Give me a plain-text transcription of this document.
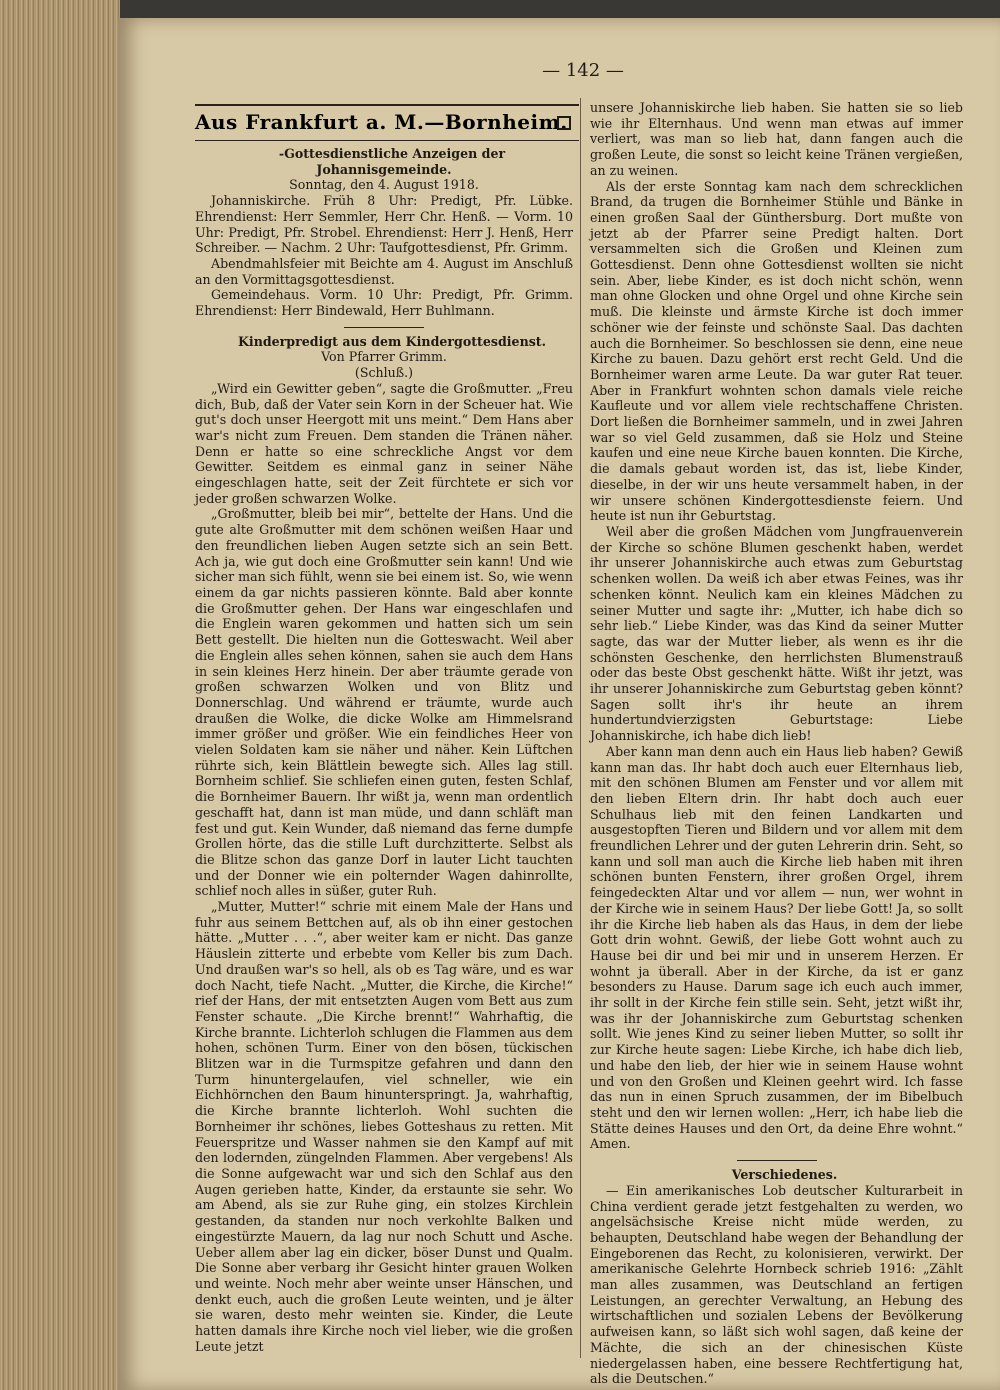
— 142 —
Aus Frankfurt a. M.—Bornheim.

-Gottesdienstliche Anzeigen der Johannisgemeinde.

Sonntag, den 4. August 1918.

Johanniskirche. Früh 8 Uhr: Predigt, Pfr. Lübke. Ehrendienst: Herr Semmler, Herr Chr. Henß. — Vorm. 10 Uhr: Predigt, Pfr. Strobel. Ehrendienst: Herr J. Henß, Herr Schreiber. — Nachm. 2 Uhr: Taufgottesdienst, Pfr. Grimm.

Abendmahlsfeier mit Beichte am 4. August im Anschluß an den Vormittagsgottesdienst.

Gemeindehaus. Vorm. 10 Uhr: Predigt, Pfr. Grimm. Ehrendienst: Herr Bindewald, Herr Buhlmann.

Kinderpredigt aus dem Kindergottesdienst.

Von Pfarrer Grimm.

(Schluß.)

„Wird ein Gewitter geben“, sagte die Großmutter. „Freu dich, Bub, daß der Vater sein Korn in der Scheuer hat. Wie gut's doch unser Heergott mit uns meint.“ Dem Hans aber war's nicht zum Freuen. Dem standen die Tränen näher. Denn er hatte so eine schreckliche Angst vor dem Gewitter. Seitdem es einmal ganz in seiner Nähe eingeschlagen hatte, seit der Zeit fürchtete er sich vor jeder großen schwarzen Wolke.

„Großmutter, bleib bei mir“, bettelte der Hans. Und die gute alte Großmutter mit dem schönen weißen Haar und den freundlichen lieben Augen setzte sich an sein Bett. Ach ja, wie gut doch eine Großmutter sein kann! Und wie sicher man sich fühlt, wenn sie bei einem ist. So, wie wenn einem da gar nichts passieren könnte. Bald aber konnte die Großmutter gehen. Der Hans war eingeschlafen und die Englein waren gekommen und hatten sich um sein Bett gestellt. Die hielten nun die Gotteswacht. Weil aber die Englein alles sehen können, sahen sie auch dem Hans in sein kleines Herz hinein. Der aber träumte gerade von großen schwarzen Wolken und von Blitz und Donnerschlag. Und während er träumte, wurde auch draußen die Wolke, die dicke Wolke am Himmelsrand immer größer und größer. Wie ein feindliches Heer von vielen Soldaten kam sie näher und näher. Kein Lüftchen rührte sich, kein Blättlein bewegte sich. Alles lag still. Bornheim schlief. Sie schliefen einen guten, festen Schlaf, die Bornheimer Bauern. Ihr wißt ja, wenn man ordentlich geschafft hat, dann ist man müde, und dann schläft man fest und gut. Kein Wunder, daß niemand das ferne dumpfe Grollen hörte, das die stille Luft durchzitterte. Selbst als die Blitze schon das ganze Dorf in lauter Licht tauchten und der Donner wie ein polternder Wagen dahinrollte, schlief noch alles in süßer, guter Ruh.

„Mutter, Mutter!“ schrie mit einem Male der Hans und fuhr aus seinem Bettchen auf, als ob ihn einer gestochen hätte. „Mutter . . .“, aber weiter kam er nicht. Das ganze Häuslein zitterte und erbebte vom Keller bis zum Dach. Und draußen war's so hell, als ob es Tag wäre, und es war doch Nacht, tiefe Nacht. „Mutter, die Kirche, die Kirche!“ rief der Hans, der mit entsetzten Augen vom Bett aus zum Fenster schaute. „Die Kirche brennt!“ Wahrhaftig, die Kirche brannte. Lichterloh schlugen die Flammen aus dem hohen, schönen Turm. Einer von den bösen, tückischen Blitzen war in die Turmspitze gefahren und dann den Turm hinuntergelaufen, viel schneller, wie ein Eichhörnchen den Baum hinunterspringt. Ja, wahrhaftig, die Kirche brannte lichterloh. Wohl suchten die Bornheimer ihr schönes, liebes Gotteshaus zu retten. Mit Feuerspritze und Wasser nahmen sie den Kampf auf mit den lodernden, züngelnden Flammen. Aber vergebens! Als die Sonne aufgewacht war und sich den Schlaf aus den Augen gerieben hatte, Kinder, da erstaunte sie sehr. Wo am Abend, als sie zur Ruhe ging, ein stolzes Kirchlein gestanden, da standen nur noch verkohlte Balken und eingestürzte Mauern, da lag nur noch Schutt und Asche. Ueber allem aber lag ein dicker, böser Dunst und Qualm. Die Sonne aber verbarg ihr Gesicht hinter grauen Wolken und weinte. Noch mehr aber weinte unser Hänschen, und denkt euch, auch die großen Leute weinten, und je älter sie waren, desto mehr weinten sie. Kinder, die Leute hatten damals ihre Kirche noch viel lieber, wie die großen Leute jetzt

unsere Johanniskirche lieb haben. Sie hatten sie so lieb wie ihr Elternhaus. Und wenn man etwas auf immer verliert, was man so lieb hat, dann fangen auch die großen Leute, die sonst so leicht keine Tränen vergießen, an zu weinen.

Als der erste Sonntag kam nach dem schrecklichen Brand, da trugen die Bornheimer Stühle und Bänke in einen großen Saal der Günthersburg. Dort mußte von jetzt ab der Pfarrer seine Predigt halten. Dort versammelten sich die Großen und Kleinen zum Gottesdienst. Denn ohne Gottesdienst wollten sie nicht sein. Aber, liebe Kinder, es ist doch nicht schön, wenn man ohne Glocken und ohne Orgel und ohne Kirche sein muß. Die kleinste und ärmste Kirche ist doch immer schöner wie der feinste und schönste Saal. Das dachten auch die Bornheimer. So beschlossen sie denn, eine neue Kirche zu bauen. Dazu gehört erst recht Geld. Und die Bornheimer waren arme Leute. Da war guter Rat teuer. Aber in Frankfurt wohnten schon damals viele reiche Kaufleute und vor allem viele rechtschaffene Christen. Dort ließen die Bornheimer sammeln, und in zwei Jahren war so viel Geld zusammen, daß sie Holz und Steine kaufen und eine neue Kirche bauen konnten. Die Kirche, die damals gebaut worden ist, das ist, liebe Kinder, dieselbe, in der wir uns heute versammelt haben, in der wir unsere schönen Kindergottesdienste feiern. Und heute ist nun ihr Geburtstag.

Weil aber die großen Mädchen vom Jungfrauenverein der Kirche so schöne Blumen geschenkt haben, werdet ihr unserer Johanniskirche auch etwas zum Geburtstag schenken wollen. Da weiß ich aber etwas Feines, was ihr schenken könnt. Neulich kam ein kleines Mädchen zu seiner Mutter und sagte ihr: „Mutter, ich habe dich so sehr lieb.“ Liebe Kinder, was das Kind da seiner Mutter sagte, das war der Mutter lieber, als wenn es ihr die schönsten Geschenke, den herrlichsten Blumenstrauß oder das beste Obst geschenkt hätte. Wißt ihr jetzt, was ihr unserer Johanniskirche zum Geburtstag geben könnt? Sagen sollt ihr's ihr heute an ihrem hundertundvierzigsten Geburtstage: Liebe Johanniskirche, ich habe dich lieb!

Aber kann man denn auch ein Haus lieb haben? Gewiß kann man das. Ihr habt doch auch euer Elternhaus lieb, mit den schönen Blumen am Fenster und vor allem mit den lieben Eltern drin. Ihr habt doch auch euer Schulhaus lieb mit den feinen Landkarten und ausgestopften Tieren und Bildern und vor allem mit dem freundlichen Lehrer und der guten Lehrerin drin. Seht, so kann und soll man auch die Kirche lieb haben mit ihren schönen bunten Fenstern, ihrer großen Orgel, ihrem feingedeckten Altar und vor allem — nun, wer wohnt in der Kirche wie in seinem Haus? Der liebe Gott! Ja, so sollt ihr die Kirche lieb haben als das Haus, in dem der liebe Gott drin wohnt. Gewiß, der liebe Gott wohnt auch zu Hause bei dir und bei mir und in unserem Herzen. Er wohnt ja überall. Aber in der Kirche, da ist er ganz besonders zu Hause. Darum sage ich euch auch immer, ihr sollt in der Kirche fein stille sein. Seht, jetzt wißt ihr, was ihr der Johanniskirche zum Geburtstag schenken sollt. Wie jenes Kind zu seiner lieben Mutter, so sollt ihr zur Kirche heute sagen: Liebe Kirche, ich habe dich lieb, und habe den lieb, der hier wie in seinem Hause wohnt und von den Großen und Kleinen geehrt wird. Ich fasse das nun in einen Spruch zusammen, der im Bibelbuch steht und den wir lernen wollen: „Herr, ich habe lieb die Stätte deines Hauses und den Ort, da deine Ehre wohnt.“ Amen.

Verschiedenes.

— Ein amerikanisches Lob deutscher Kulturarbeit in China verdient gerade jetzt festgehalten zu werden, wo angelsächsische Kreise nicht müde werden, zu behaupten, Deutschland habe wegen der Behandlung der Eingeborenen das Recht, zu kolonisieren, verwirkt. Der amerikanische Gelehrte Hornbeck schrieb 1916: „Zählt man alles zusammen, was Deutschland an fertigen Leistungen, an gerechter Verwaltung, an Hebung des wirtschaftlichen und sozialen Lebens der Bevölkerung aufweisen kann, so läßt sich wohl sagen, daß keine der Mächte, die sich an der chinesischen Küste niedergelassen haben, eine bessere Rechtfertigung hat, als die Deutschen.“
